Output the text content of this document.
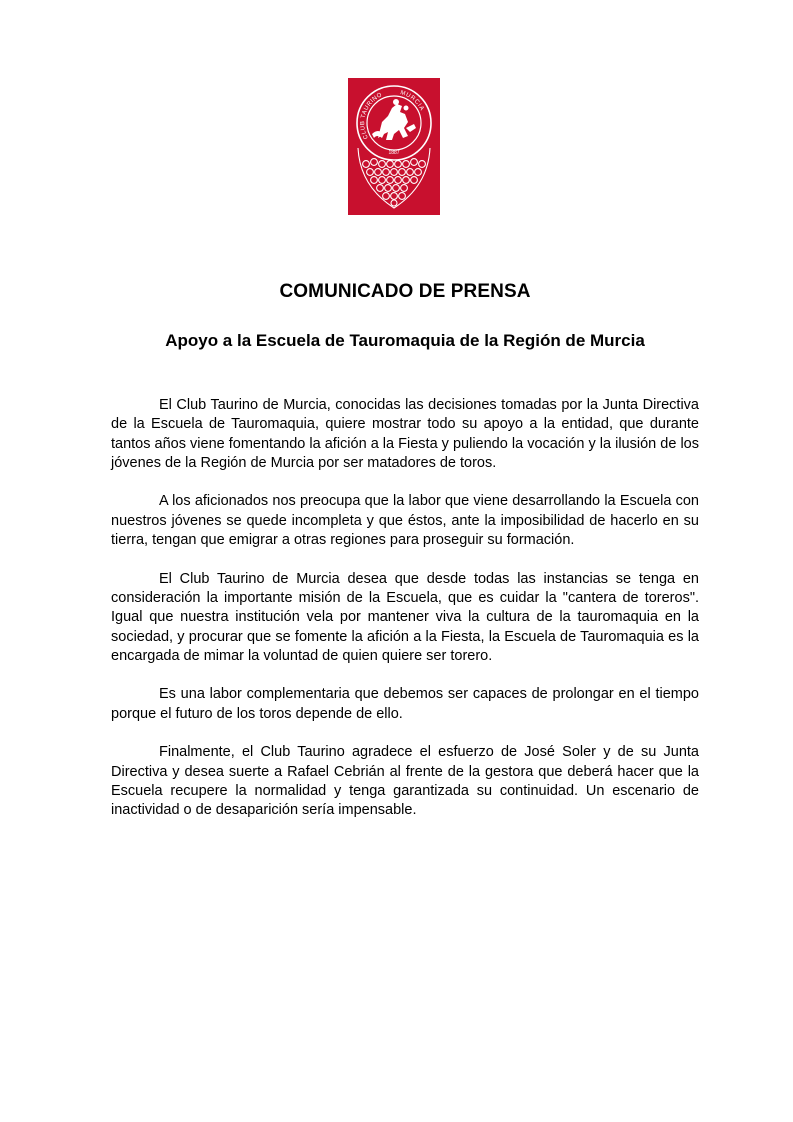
CLUB TAURINO	MURCIA
1887
COMUNICADO DE PRENSA
Apoyo a la Escuela de Tauromaquia de la Región de Murcia

El Club Taurino de Murcia, conocidas las decisiones tomadas por la Junta Directiva de la Escuela de Tauromaquia, quiere mostrar todo su apoyo a la entidad, que durante tantos años viene fomentando la afición a la Fiesta y puliendo la vocación y la ilusión de los jóvenes de la Región de Murcia por ser matadores de toros.

A los aficionados nos preocupa que la labor que viene desarrollando la Escuela con nuestros jóvenes se quede incompleta y que éstos, ante la imposibilidad de hacerlo en su tierra, tengan que emigrar a otras regiones para proseguir su formación.

El Club Taurino de Murcia desea que desde todas las instancias se tenga en consideración la importante misión de la Escuela, que es cuidar la "cantera de toreros". Igual que nuestra institución vela por mantener viva la cultura de la tauromaquia en la sociedad, y procurar que se fomente la afición a la Fiesta, la Escuela de Tauromaquia es la encargada de mimar la voluntad de quien quiere ser torero.

Es una labor complementaria que debemos ser capaces de prolongar en el tiempo porque el futuro de los toros depende de ello.

Finalmente, el Club Taurino agradece el esfuerzo de José Soler y de su Junta Directiva y desea suerte a Rafael Cebrián al frente de la gestora que deberá hacer que la Escuela recupere la normalidad y tenga garantizada su continuidad. Un escenario de inactividad o de desaparición sería impensable.
